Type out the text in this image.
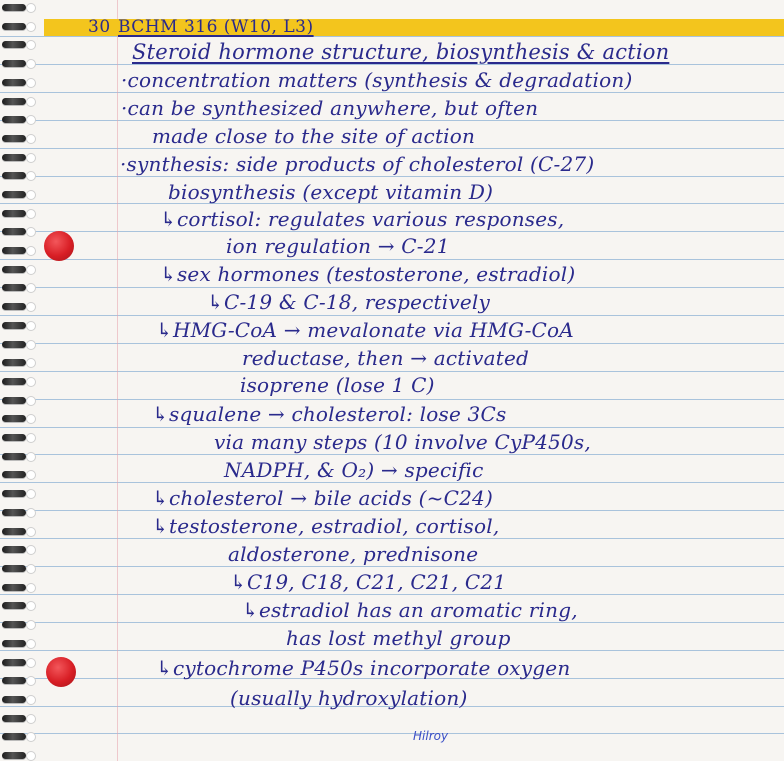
30 BCHM 316 (W10, L3)
Steroid hormone structure, biosynthesis & action
·concentration matters (synthesis & degradation)
·can be synthesized anywhere, but often
made close to the site of action
·synthesis: side products of cholesterol (C-27)
biosynthesis (except vitamin D)
↳cortisol: regulates various responses,
ion regulation → C-21
↳sex hormones (testosterone, estradiol)
↳C-19 & C-18, respectively
↳HMG-CoA → mevalonate via HMG-CoA
reductase, then → activated
isoprene (lose 1 C)
↳squalene → cholesterol: lose 3Cs
via many steps (10 involve CyP450s,
NADPH, & O₂) → specific
↳cholesterol → bile acids (~C24)
↳testosterone, estradiol, cortisol,
aldosterone, prednisone
↳C19, C18, C21, C21, C21
↳estradiol has an aromatic ring,
has lost methyl group
↳cytochrome P450s incorporate oxygen
(usually hydroxylation)
Hilroy
